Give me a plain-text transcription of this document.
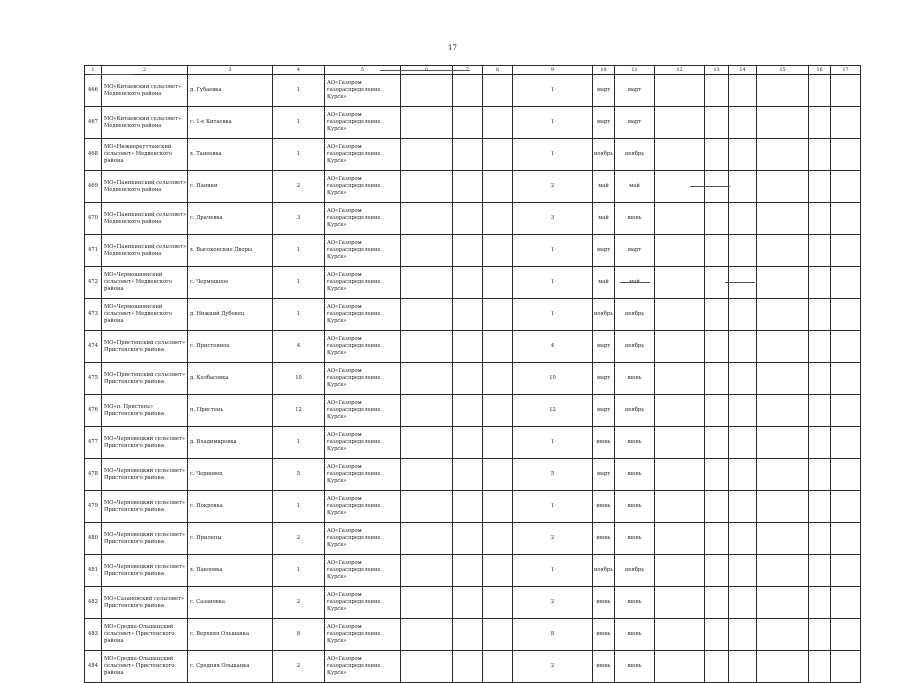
17
1	2	3	4	5	6	7	8	9	10	11	12	13	14	15	16	17
466	МО«Китаевский сельсовет» Медвенского района	д. Губаевка	1	АО«Газпром газораспределение Курск»				1	март	март						
467	МО«Китаевский сельсовет» Медвенского района	с. 1-е Китаевка	1	АО«Газпром газораспределение Курск»				1	март	март						
468	МО«Нижнереутчанский сельсовет» Медвенского района	х. Танеевка	1	АО«Газпром газораспределение Курск»				1	ноябрь	ноябрь						
469	МО«Паникинский сельсовет» Медвенского района	с. Паники	2	АО«Газпром газораспределение Курск»				2	май	май						
470	МО«Паникинский сельсовет» Медвенского района	с. Драчевка	3	АО«Газпром газораспределение Курск»				3	май	июнь						
471	МО«Паникинский сельсовет» Медвенского района	х. Высоконские Дворы	1	АО«Газпром газораспределение Курск»				1	март	март						
472	МО«Чермошнянский сельсовет» Медвенского района	с. Чермошное	1	АО«Газпром газораспределение Курск»				1	май	май						
473	МО«Чермошнянский сельсовет» Медвенского района	д. Нижний Дубовец	1	АО«Газпром газораспределение Курск»				1	ноябрь	ноябрь						
474	МО«Пристенский сельсовет» Пристенского района	с. Пристенное	4	АО«Газпром газораспределение Курск»				4	март	ноябрь						
475	МО«Пристенский сельсовет» Пристенского района	д. Колбасовка	10	АО«Газпром газораспределение Курск»				10	март	июнь						
476	МО«п. Пристень» Пристенского района	п. Пристень	12	АО«Газпром газораспределение Курск»				12	март	ноябрь						
477	МО«Черновецкий сельсовет» Пристенского района	д. Владимировка	1	АО«Газпром газораспределение Курск»				1	июнь	июнь						
478	МО«Черновецкий сельсовет» Пристенского района	с. Черновец	5	АО«Газпром газораспределение Курск»				5	март	июнь						
479	МО«Черновецкий сельсовет» Пристенского района	с. Покровка	1	АО«Газпром газораспределение Курск»				1	июнь	июнь						
480	МО«Черновецкий сельсовет» Пристенского района	с. Прилепы	2	АО«Газпром газораспределение Курск»				2	июнь	июнь						
481	МО«Черновецкий сельсовет» Пристенского района	х. Павловка	1	АО«Газпром газораспределение Курск»				1	ноябрь	ноябрь						
482	МО«Сазановский сельсовет» Пристенского района	с. Сазановка	2	АО«Газпром газораспределение Курск»				2	июнь	июнь						
483	МО«Средне-Ольшанский сельсовет» Пристенского района	с. Верхняя Ольшанка	8	АО«Газпром газораспределение Курск»				8	июнь	июнь						
484	МО«Средне-Ольшанский сельсовет» Пристенского района	с. Средняя Ольшанка	2	АО«Газпром газораспределение Курск»				2	июнь	июнь						
